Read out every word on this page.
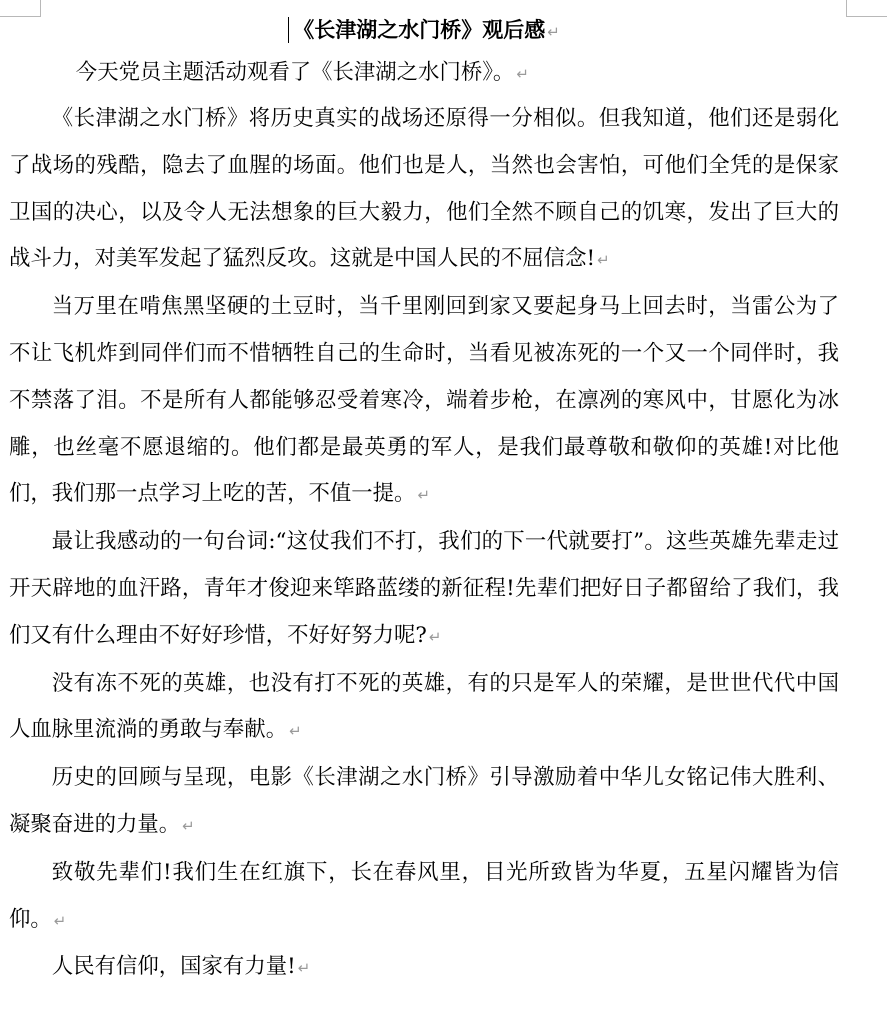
《长津湖之水门桥》观后感 ↵

今天党员主题活动观看了《长津湖之水门桥》。 ↵

《长津湖之水门桥》将历史真实的战场还原得一分相似。但我知道，他们还是弱化了战场的残酷，隐去了血腥的场面。他们也是人，当然也会害怕，可他们全凭的是保家卫国的决心，以及令人无法想象的巨大毅力，他们全然不顾自己的饥寒，发出了巨大的战斗力，对美军发起了猛烈反攻。这就是中国人民的不屈信念! ↵

当万里在啃焦黑坚硬的土豆时，当千里刚回到家又要起身马上回去时，当雷公为了不让飞机炸到同伴们而不惜牺牲自己的生命时，当看见被冻死的一个又一个同伴时，我不禁落了泪。不是所有人都能够忍受着寒冷，端着步枪，在凛冽的寒风中，甘愿化为冰雕，也丝毫不愿退缩的。他们都是最英勇的军人，是我们最尊敬和敬仰的英雄!对比他们，我们那一点学习上吃的苦，不值一提。 ↵

最让我感动的一句台词:“这仗我们不打，我们的下一代就要打”。这些英雄先辈走过开天辟地的血汗路，青年才俊迎来筚路蓝缕的新征程!先辈们把好日子都留给了我们，我们又有什么理由不好好珍惜，不好好努力呢? ↵

没有冻不死的英雄，也没有打不死的英雄，有的只是军人的荣耀，是世世代代中国人血脉里流淌的勇敢与奉献。 ↵

历史的回顾与呈现，电影《长津湖之水门桥》引导激励着中华儿女铭记伟大胜利、凝聚奋进的力量。 ↵

致敬先辈们!我们生在红旗下，长在春风里，目光所致皆为华夏，五星闪耀皆为信仰。 ↵

人民有信仰，国家有力量! ↵
